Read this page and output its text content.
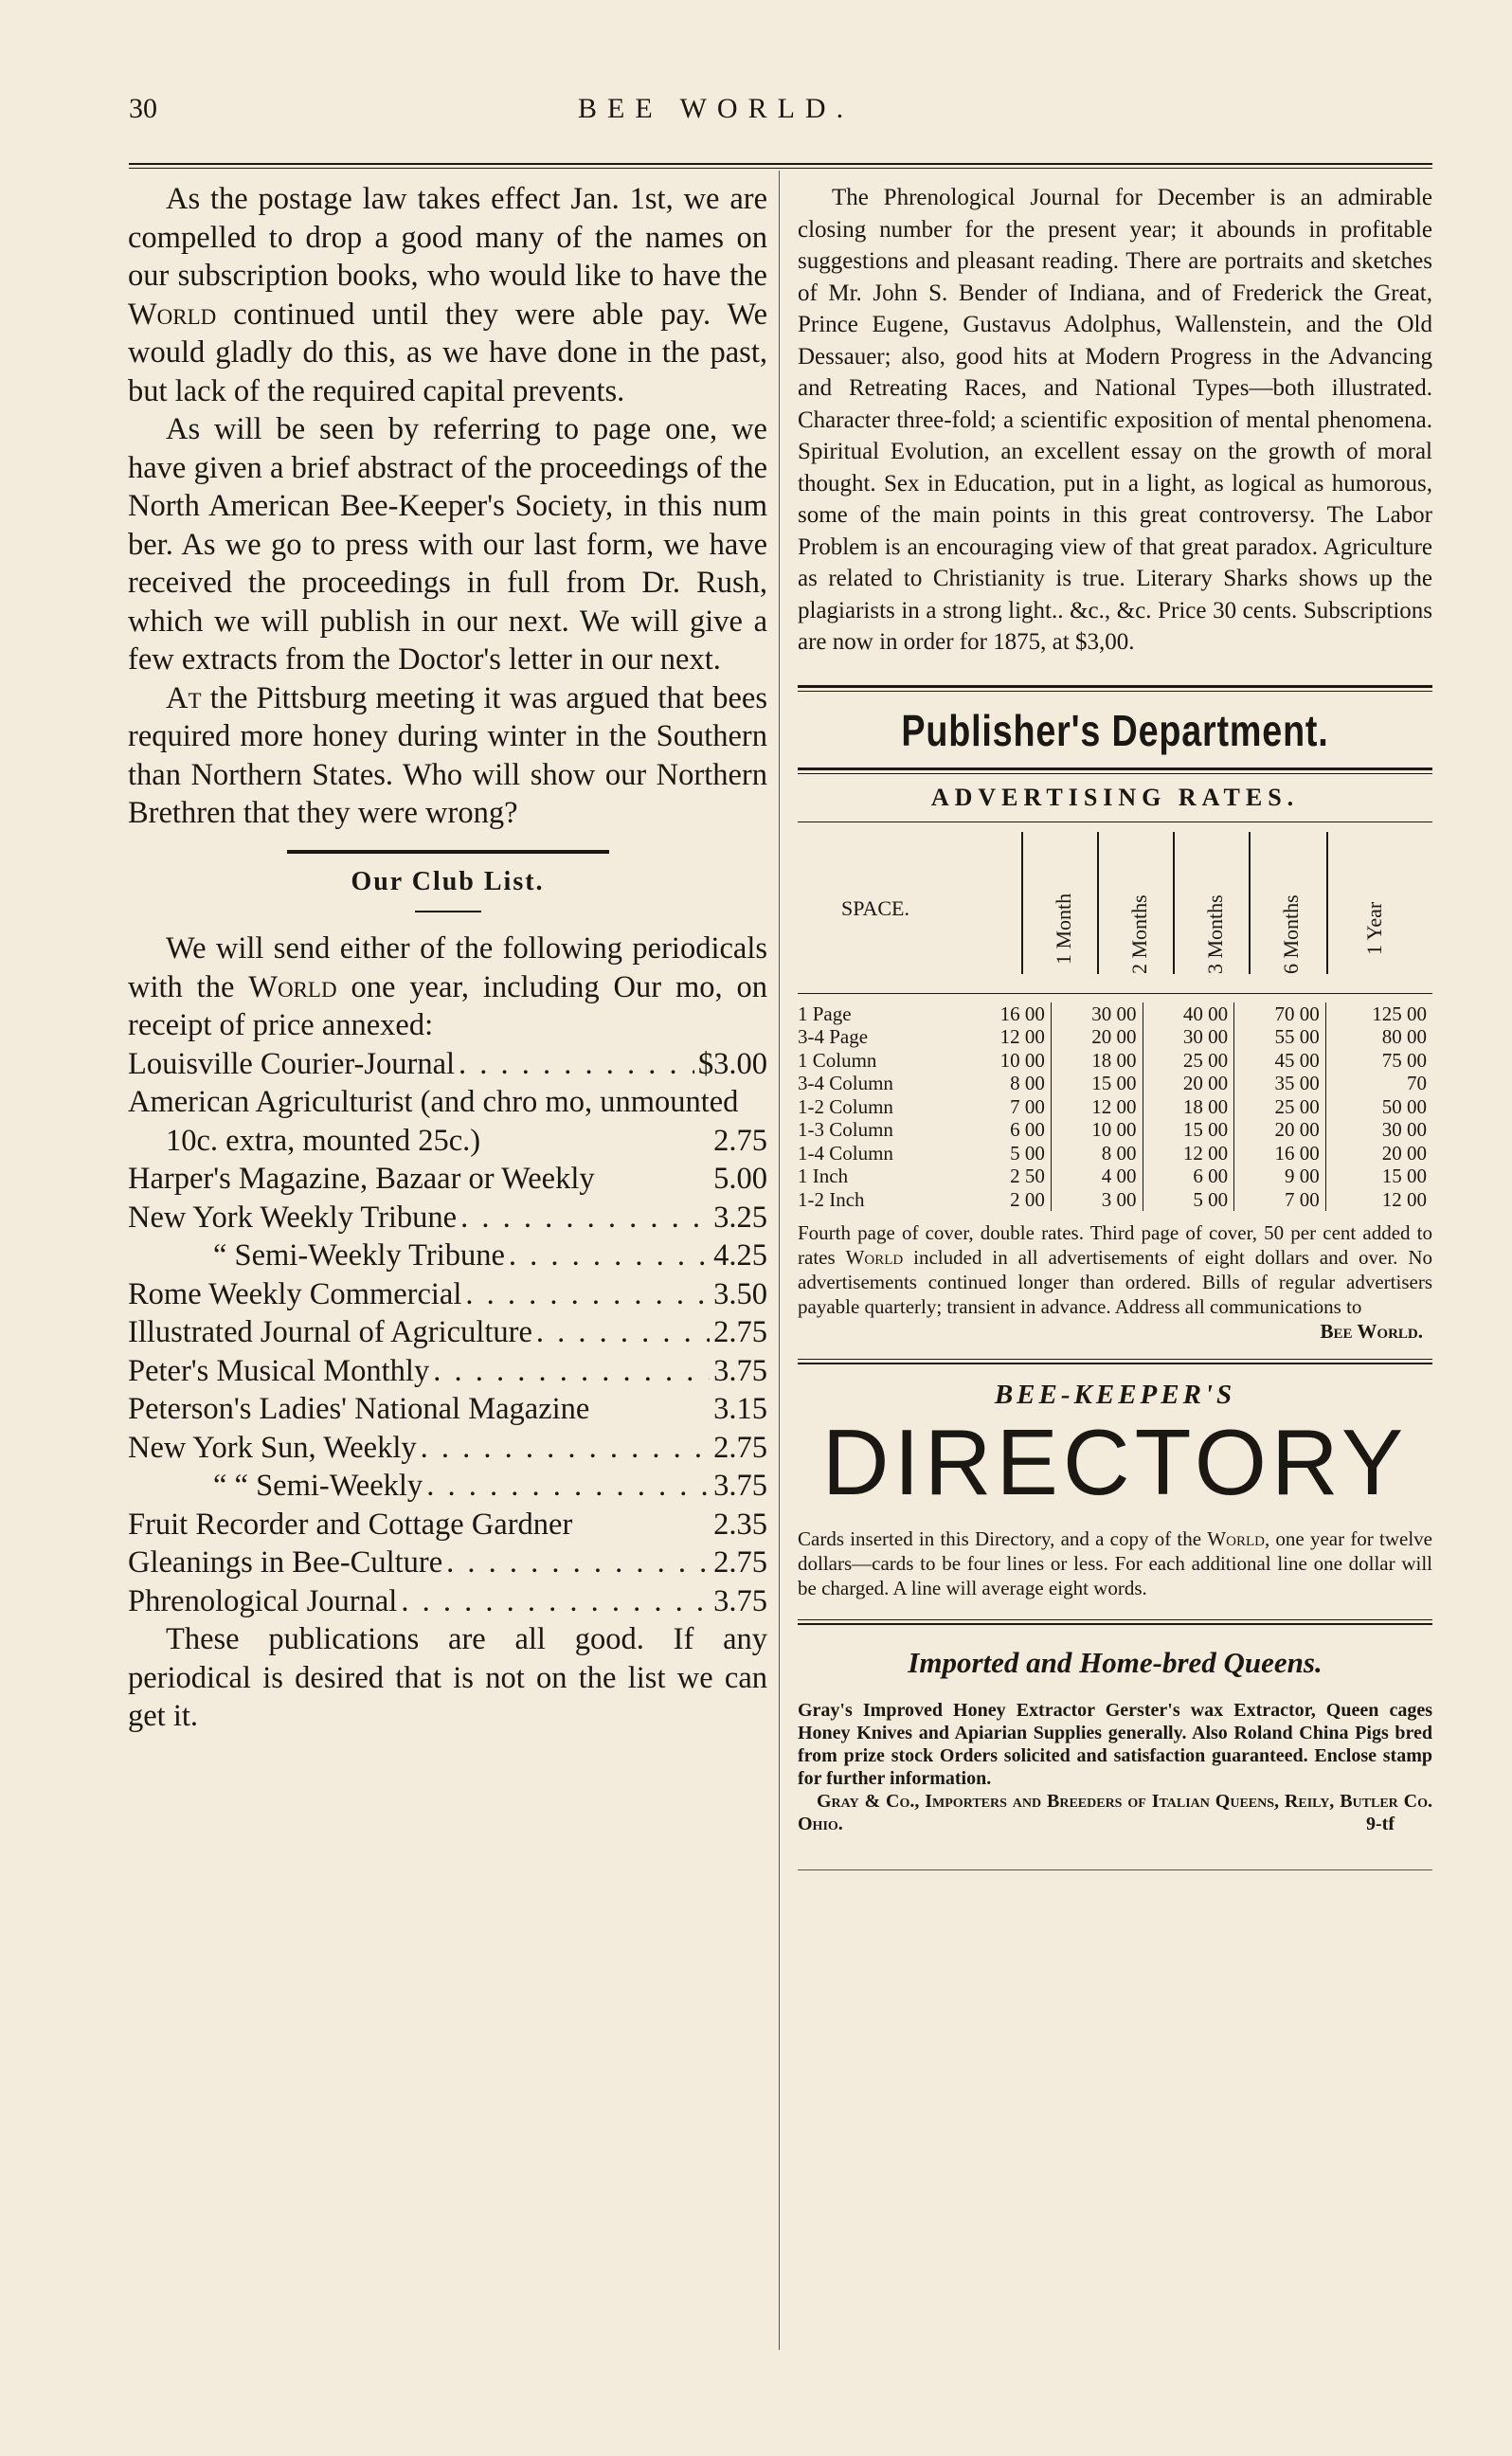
30	BEE WORLD.

As the postage law takes effect Jan. 1st, we are compelled to drop a good many of the names on our subscription books, who would like to have the World continued until they were able pay. We would gladly do this, as we have done in the past, but lack of the required capital prevents.

As will be seen by referring to page one, we have given a brief abstract of the proceedings of the North American Bee-Keeper's Society, in this num ber. As we go to press with our last form, we have received the proceedings in full from Dr. Rush, which we will publish in our next. We will give a few extracts from the Doctor's letter in our next.

At the Pittsburg meeting it was argued that bees required more honey during winter in the Southern than Northern States. Who will show our Northern Brethren that they were wrong?

Our Club List.

We will send either of the following periodicals with the World one year, including Our mo, on receipt of price annexed:

Louisville Courier-Journal . . .	$3.00
American Agriculturist (and chro mo, unmounted 10c. extra, mounted 25c.)	2.75
Harper's Magazine, Bazaar or Weekly	5.00
New York Weekly Tribune . . .	3.25
“ Semi-Weekly Tribune . . .	4.25
Rome Weekly Commercial . . .	3.50
Illustrated Journal of Agriculture . . .	2.75
Peter's Musical Monthly . . .	3.75
Peterson's Ladies' National Magazine	3.15
New York Sun, Weekly . . .	2.75
“ “ Semi-Weekly . . .	3.75
Fruit Recorder and Cottage Gardner	2.35
Gleanings in Bee-Culture . . .	2.75
Phrenological Journal . . .	3.75

These publications are all good. If any periodical is desired that is not on the list we can get it.

The Phrenological Journal for December is an admirable closing number for the present year; it abounds in profitable suggestions and pleasant reading. There are portraits and sketches of Mr. John S. Bender of Indiana, and of Frederick the Great, Prince Eugene, Gustavus Adolphus, Wallenstein, and the Old Dessauer; also, good hits at Modern Progress in the Advancing and Retreating Races, and National Types—both illustrated. Character three-fold; a scientific exposition of mental phenomena. Spiritual Evolution, an excellent essay on the growth of moral thought. Sex in Education, put in a light, as logical as humorous, some of the main points in this great controversy. The Labor Problem is an encouraging view of that great paradox. Agriculture as related to Christianity is true. Literary Sharks shows up the plagiarists in a strong light.. &c., &c. Price 30 cents. Subscriptions are now in order for 1875, at $3,00.

Publisher's Department.
ADVERTISING RATES.
SPACE.	1 Month	2 Months	3 Months	6 Months	1 Year
1 Page	16 00	30 00	40 00	70 00	125 00
3-4 Page	12 00	20 00	30 00	55 00	80 00
1 Column	10 00	18 00	25 00	45 00	75 00
3-4 Column	8 00	15 00	20 00	35 00	70
1-2 Column	7 00	12 00	18 00	25 00	50 00
1-3 Column	6 00	10 00	15 00	20 00	30 00
1-4 Column	5 00	8 00	12 00	16 00	20 00
1 Inch	2 50	4 00	6 00	9 00	15 00
1-2 Inch	2 00	3 00	5 00	7 00	12 00
Fourth page of cover, double rates. Third page of cover, 50 per cent added to rates World included in all advertisements of eight dollars and over. No advertisements continued longer than ordered. Bills of regular advertisers payable quarterly; transient in advance. Address all communications to
Bee World.
BEE-KEEPER'S
DIRECTORY
Cards inserted in this Directory, and a copy of the World, one year for twelve dollars—cards to be four lines or less. For each additional line one dollar will be charged. A line will average eight words.
Imported and Home-bred Queens.
Gray's Improved Honey Extractor Gerster's wax Extractor, Queen cages Honey Knives and Apiarian Supplies generally. Also Roland China Pigs bred from prize stock Orders solicited and satisfaction guaranteed. Enclose stamp for further information.
Gray & Co., Importers and Breeders of Italian Queens, Reily, Butler Co. Ohio.	9-tf
